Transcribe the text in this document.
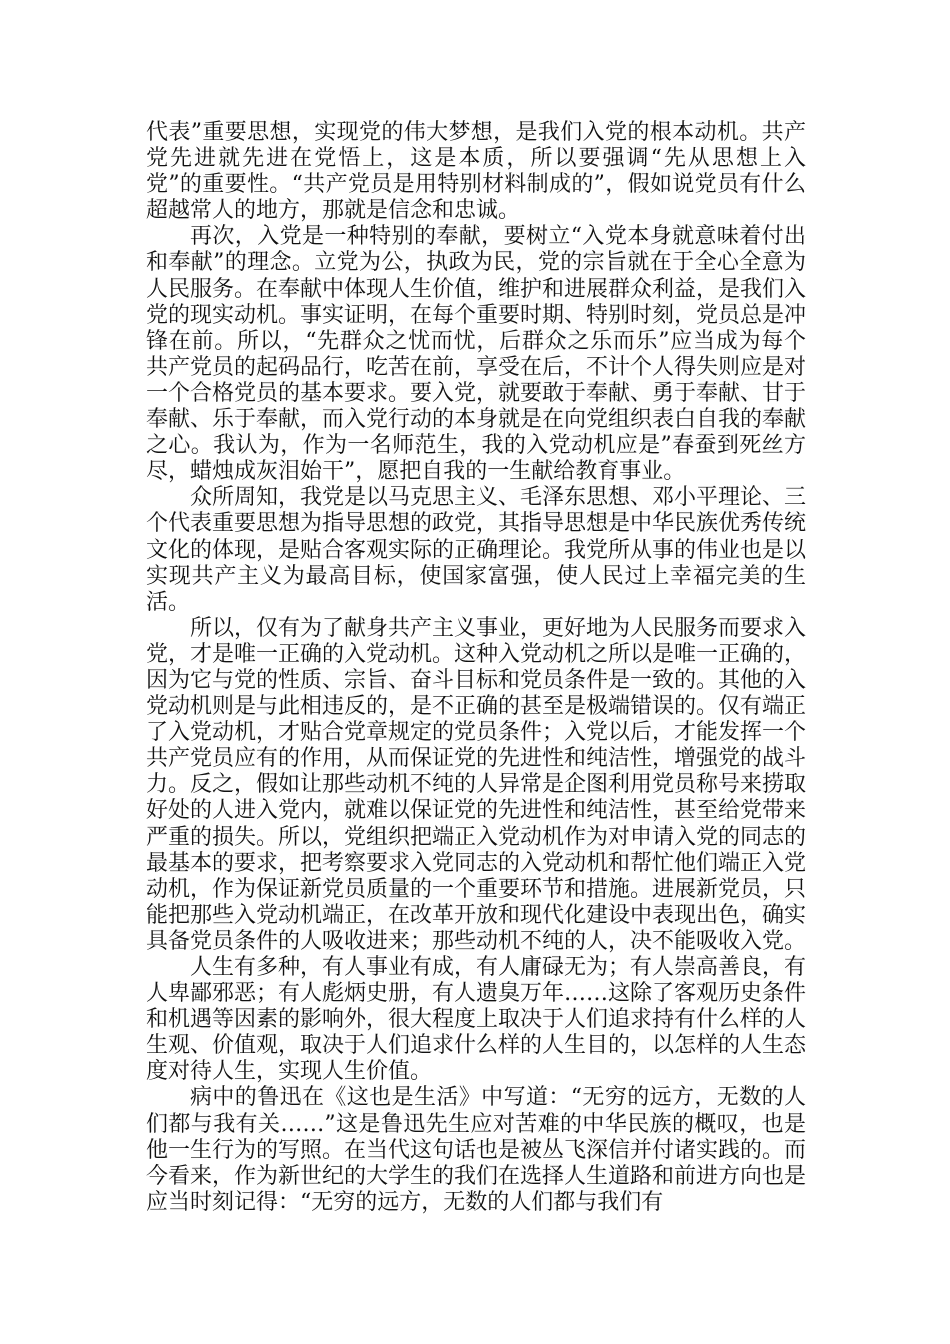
代表”重要思想，实现党的伟大梦想，是我们入党的根本动机。共产党先进就先进在党悟上，这是本质，所以要强调“先从思想上入党”的重要性。“共产党员是用特别材料制成的”，假如说党员有什么超越常人的地方，那就是信念和忠诚。

再次，入党是一种特别的奉献，要树立“入党本身就意味着付出和奉献”的理念。立党为公，执政为民，党的宗旨就在于全心全意为人民服务。在奉献中体现人生价值，维护和进展群众利益，是我们入党的现实动机。事实证明，在每个重要时期、特别时刻，党员总是冲锋在前。所以，“先群众之忧而忧，后群众之乐而乐”应当成为每个共产党员的起码品行，吃苦在前，享受在后，不计个人得失则应是对一个合格党员的基本要求。要入党，就要敢于奉献、勇于奉献、甘于奉献、乐于奉献，而入党行动的本身就是在向党组织表白自我的奉献之心。我认为，作为一名师范生，我的入党动机应是”春蚕到死丝方尽，蜡烛成灰泪始干”，愿把自我的一生献给教育事业。

众所周知，我党是以马克思主义、毛泽东思想、邓小平理论、三个代表重要思想为指导思想的政党，其指导思想是中华民族优秀传统文化的体现，是贴合客观实际的正确理论。我党所从事的伟业也是以实现共产主义为最高目标，使国家富强，使人民过上幸福完美的生活。

所以，仅有为了献身共产主义事业，更好地为人民服务而要求入党，才是唯一正确的入党动机。这种入党动机之所以是唯一正确的，因为它与党的性质、宗旨、奋斗目标和党员条件是一致的。其他的入党动机则是与此相违反的，是不正确的甚至是极端错误的。仅有端正了入党动机，才贴合党章规定的党员条件；入党以后，才能发挥一个共产党员应有的作用，从而保证党的先进性和纯洁性，增强党的战斗力。反之，假如让那些动机不纯的人异常是企图利用党员称号来捞取好处的人进入党内，就难以保证党的先进性和纯洁性，甚至给党带来严重的损失。所以，党组织把端正入党动机作为对申请入党的同志的最基本的要求，把考察要求入党同志的入党动机和帮忙他们端正入党动机，作为保证新党员质量的一个重要环节和措施。进展新党员，只能把那些入党动机端正，在改革开放和现代化建设中表现出色，确实具备党员条件的人吸收进来；那些动机不纯的人，决不能吸收入党。

人生有多种，有人事业有成，有人庸碌无为；有人崇高善良，有人卑鄙邪恶；有人彪炳史册，有人遗臭万年……这除了客观历史条件和机遇等因素的影响外，很大程度上取决于人们追求持有什么样的人生观、价值观，取决于人们追求什么样的人生目的，以怎样的人生态度对待人生，实现人生价值。

病中的鲁迅在《这也是生活》中写道：“无穷的远方，无数的人们都与我有关……”这是鲁迅先生应对苦难的中华民族的概叹，也是他一生行为的写照。在当代这句话也是被丛飞深信并付诸实践的。而今看来，作为新世纪的大学生的我们在选择人生道路和前进方向也是应当时刻记得：“无穷的远方，无数的人们都与我们有
